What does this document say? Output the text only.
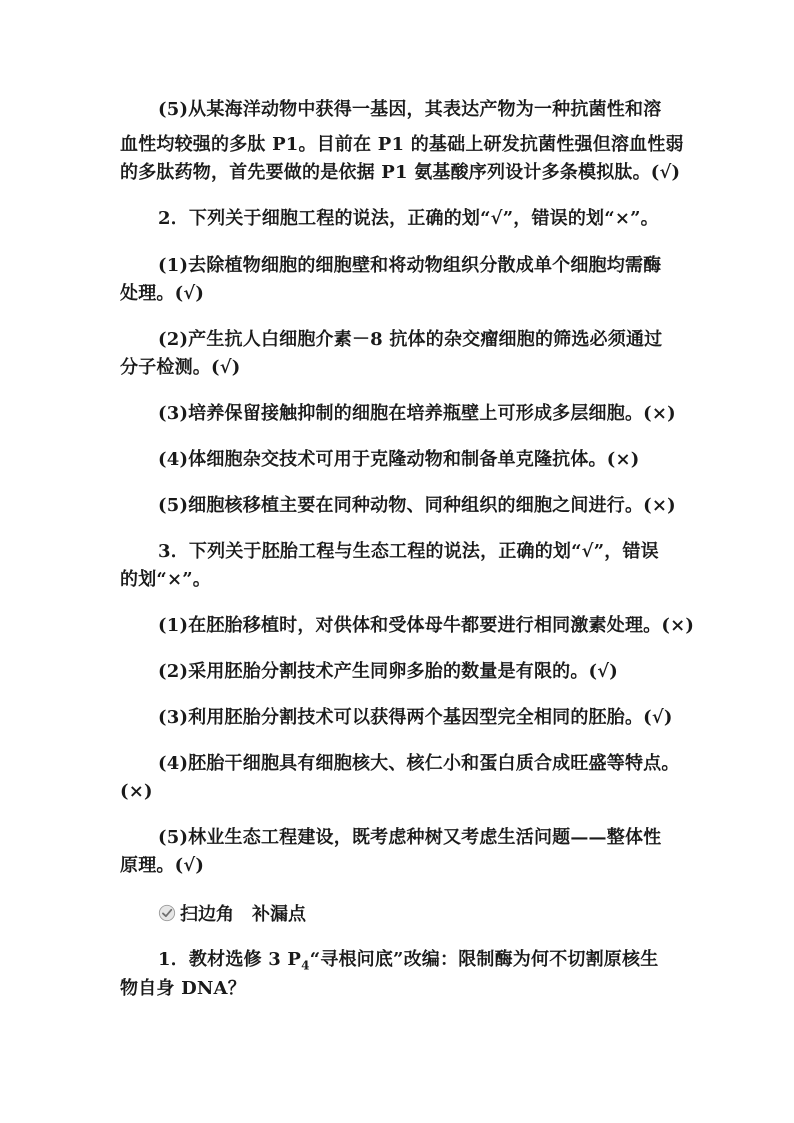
(5)从某海洋动物中获得一基因，其表达产物为一种抗菌性和溶
血性均较强的多肽 P1。目前在 P1 的基础上研发抗菌性强但溶血性弱
的多肽药物，首先要做的是依据 P1 氨基酸序列设计多条模拟肽。(√)
2．下列关于细胞工程的说法，正确的划“√”，错误的划“×”。
(1)去除植物细胞的细胞壁和将动物组织分散成单个细胞均需酶
处理。(√)
(2)产生抗人白细胞介素－8 抗体的杂交瘤细胞的筛选必须通过
分子检测。(√)
(3)培养保留接触抑制的细胞在培养瓶壁上可形成多层细胞。(×)
(4)体细胞杂交技术可用于克隆动物和制备单克隆抗体。(×)
(5)细胞核移植主要在同种动物、同种组织的细胞之间进行。(×)
3．下列关于胚胎工程与生态工程的说法，正确的划“√”，错误
的划“×”。
(1)在胚胎移植时，对供体和受体母牛都要进行相同激素处理。(×)
(2)采用胚胎分割技术产生同卵多胎的数量是有限的。(√)
(3)利用胚胎分割技术可以获得两个基因型完全相同的胚胎。(√)
(4)胚胎干细胞具有细胞核大、核仁小和蛋白质合成旺盛等特点。
(×)
(5)林业生态工程建设，既考虑种树又考虑生活问题——整体性
原理。(√)
扫边角 补漏点
1．教材选修 3 $P_4“$寻根问底”改编：限制酶为何不切割原核生
物自身 DNA？
